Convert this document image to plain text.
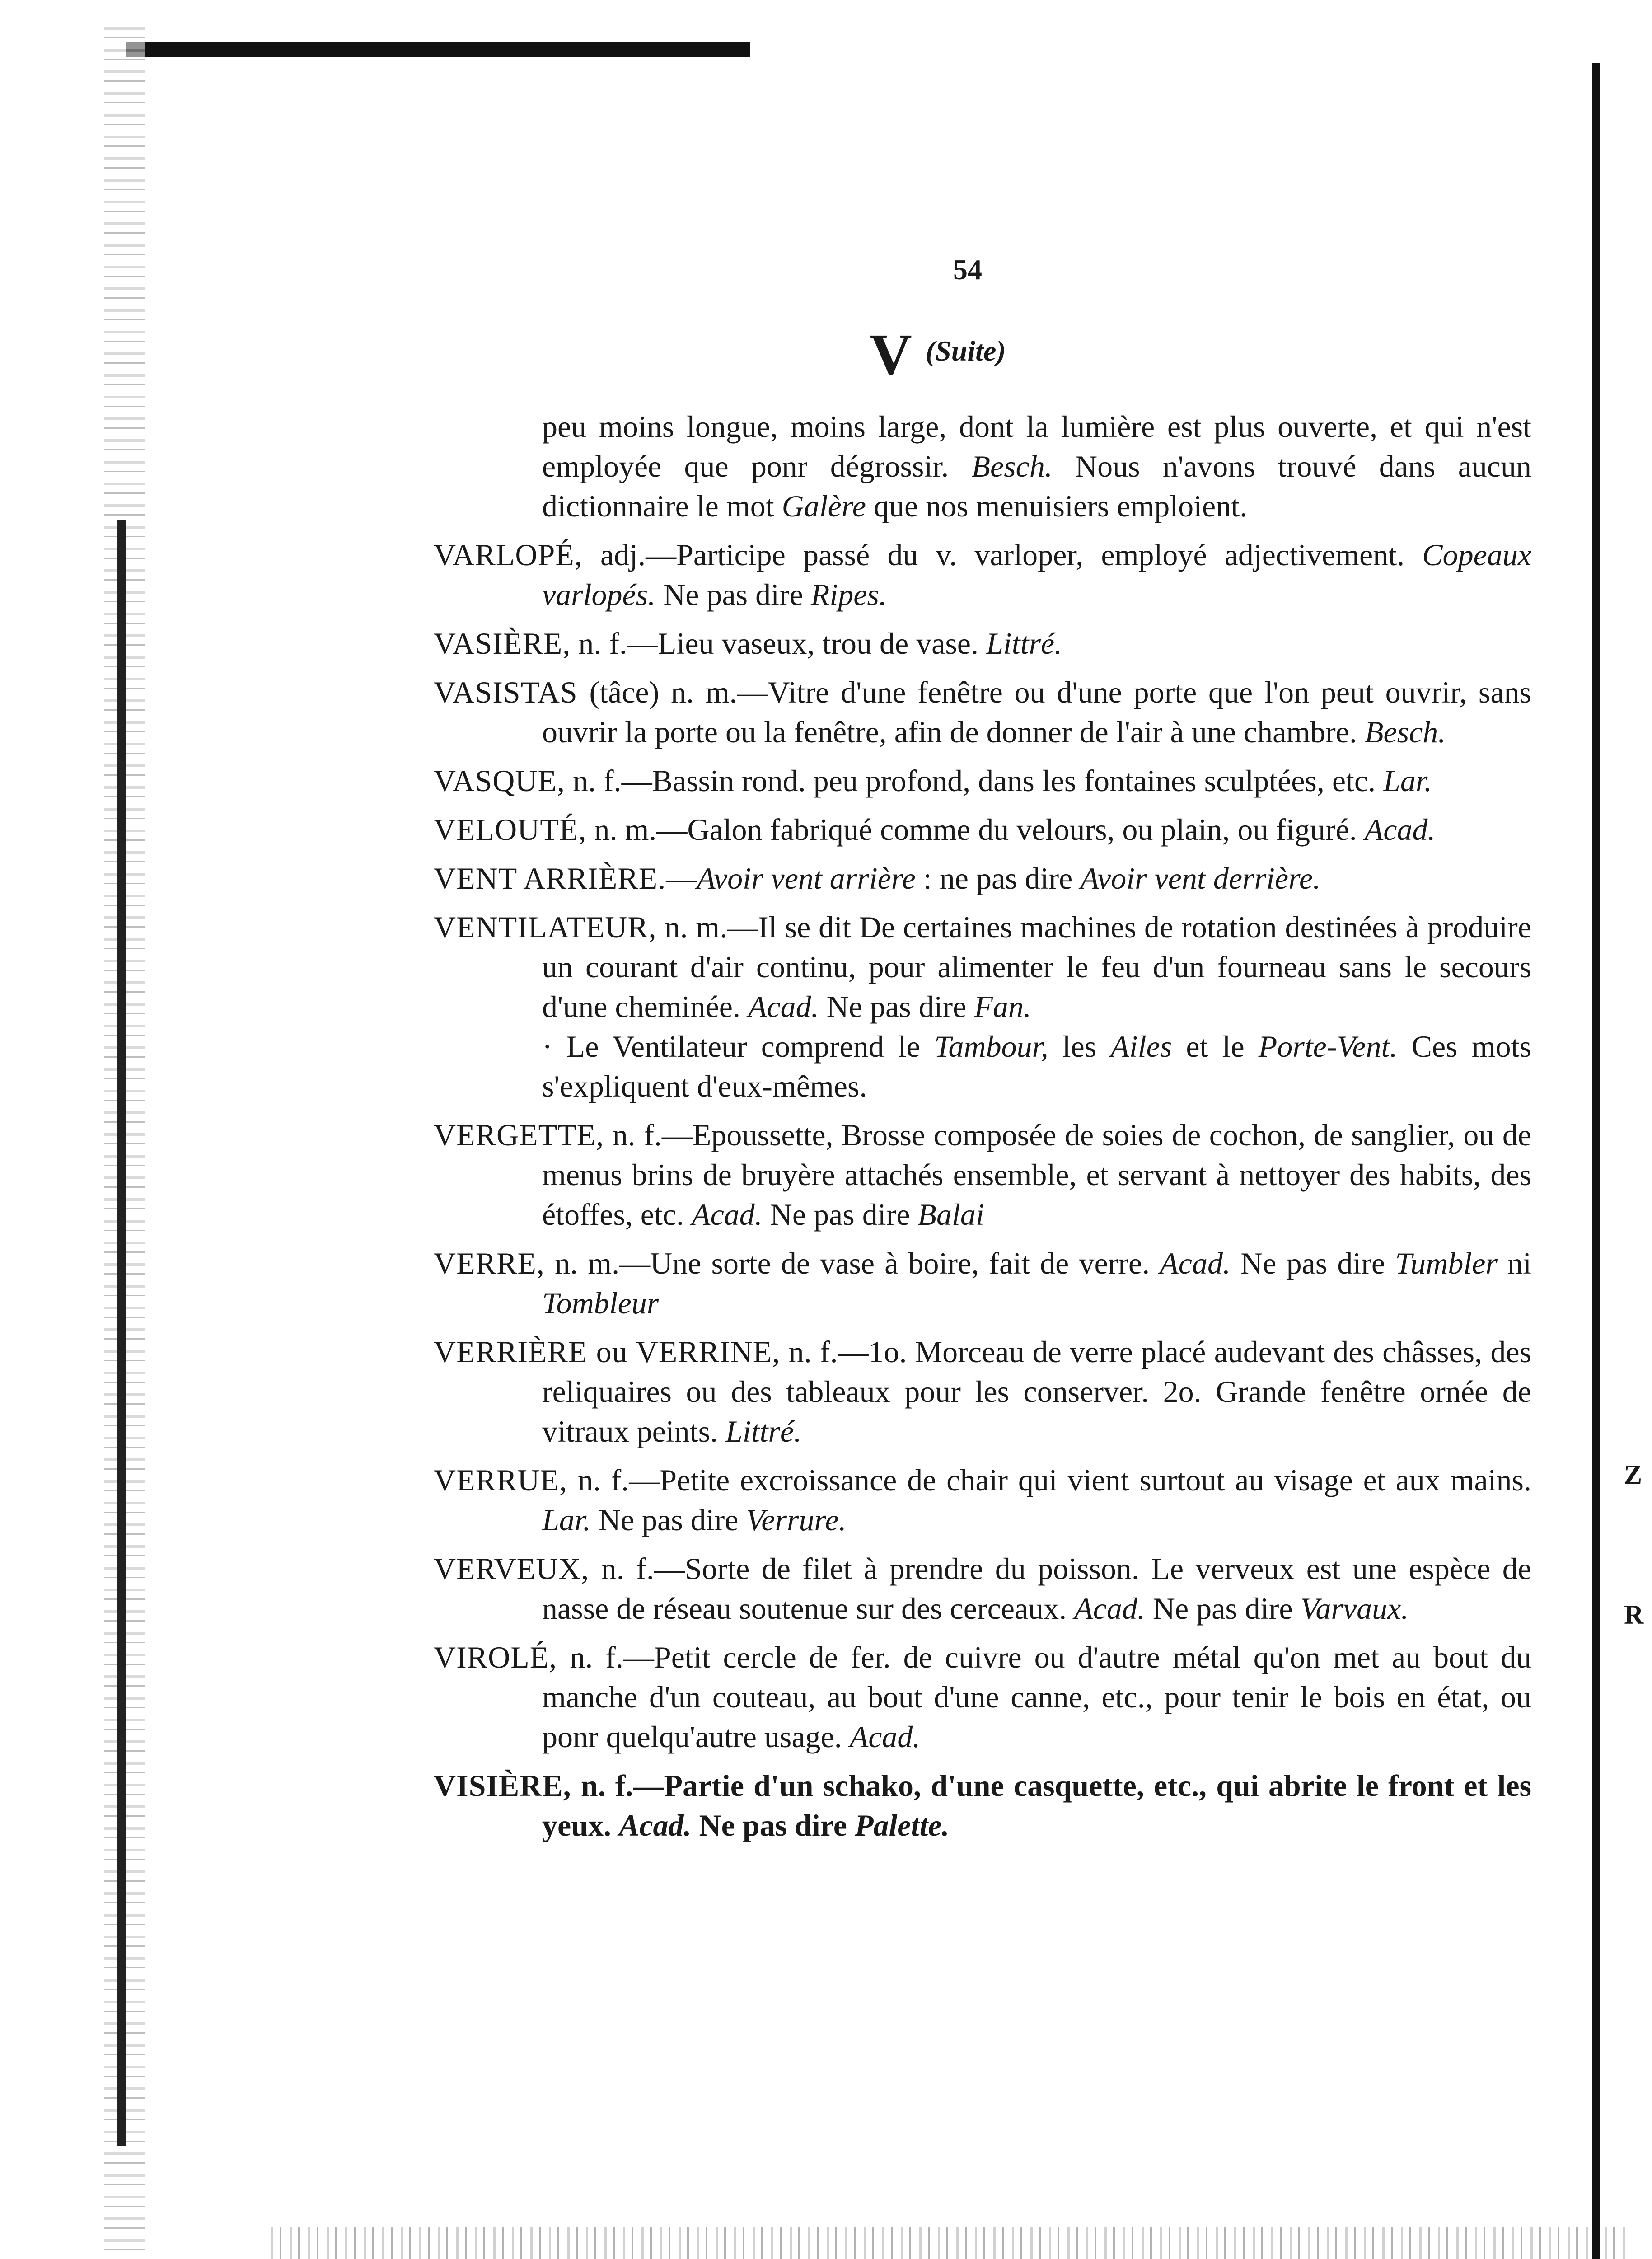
Z
R
54
V $^{(Suite)}$

peu moins longue, moins large, dont la lumière est plus ouverte, et qui n'est employée que ponr dégrossir. Besch. Nous n'avons trouvé dans aucun dictionnaire le mot Galère que nos menuisiers emploient.

VARLOPÉ, adj.—Participe passé du v. varloper, employé adjectivement. Copeaux varlopés. Ne pas dire Ripes.

VASIÈRE, n. f.—Lieu vaseux, trou de vase. Littré.

VASISTAS (tâce) n. m.—Vitre d'une fenêtre ou d'une porte que l'on peut ouvrir, sans ouvrir la porte ou la fenêtre, afin de donner de l'air à une chambre. Besch.

VASQUE, n. f.—Bassin rond. peu profond, dans les fontaines sculptées, etc. Lar.

VELOUTÉ, n. m.—Galon fabriqué comme du velours, ou plain, ou figuré. Acad.

VENT ARRIÈRE.—Avoir vent arrière : ne pas dire Avoir vent derrière.

VENTILATEUR, n. m.—Il se dit De certaines machines de rotation destinées à produire un courant d'air continu, pour alimenter le feu d'un fourneau sans le secours d'une cheminée. Acad. Ne pas dire Fan.

· Le Ventilateur comprend le Tambour, les Ailes et le Porte-Vent. Ces mots s'expliquent d'eux-mêmes.

VERGETTE, n. f.—Epoussette, Brosse composée de soies de cochon, de sanglier, ou de menus brins de bruyère attachés ensemble, et servant à nettoyer des habits, des étoffes, etc. Acad. Ne pas dire Balai

VERRE, n. m.—Une sorte de vase à boire, fait de verre. Acad. Ne pas dire Tumbler ni Tombleur

VERRIÈRE ou VERRINE, n. f.—1o. Morceau de verre placé audevant des châsses, des reliquaires ou des tableaux pour les conserver. 2o. Grande fenêtre ornée de vitraux peints. Littré.

VERRUE, n. f.—Petite excroissance de chair qui vient surtout au visage et aux mains. Lar. Ne pas dire Verrure.

VERVEUX, n. f.—Sorte de filet à prendre du poisson. Le verveux est une espèce de nasse de réseau soutenue sur des cerceaux. Acad. Ne pas dire Varvaux.

VIROLÉ, n. f.—Petit cercle de fer. de cuivre ou d'autre métal qu'on met au bout du manche d'un couteau, au bout d'une canne, etc., pour tenir le bois en état, ou ponr quelqu'autre usage. Acad.

VISIÈRE, n. f.—Partie d'un schako, d'une casquette, etc., qui abrite le front et les yeux. Acad. Ne pas dire Palette.
